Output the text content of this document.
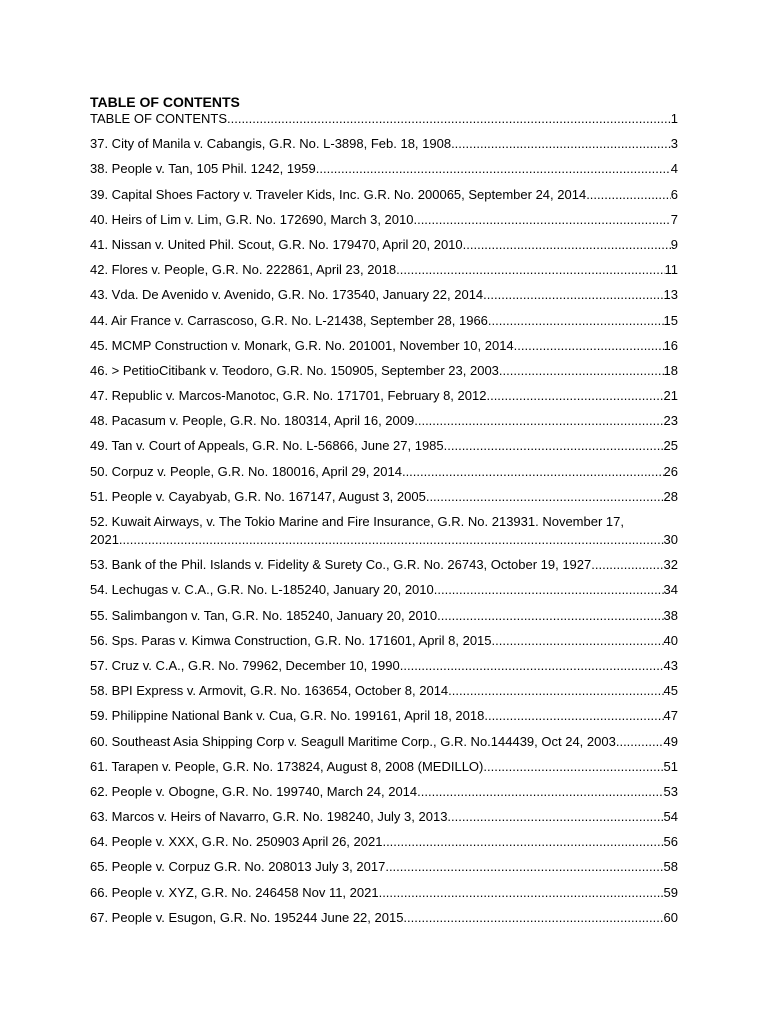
TABLE OF CONTENTS
TABLE OF CONTENTS .....	1
37. City of Manila v. Cabangis, G.R. No. L-3898, Feb. 18, 1908 .....	3
38. People v. Tan, 105 Phil. 1242, 1959 .....	4
39. Capital Shoes Factory v. Traveler Kids, Inc. G.R. No. 200065, September 24, 2014 .....	6
40. Heirs of Lim v. Lim, G.R. No. 172690, March 3, 2010 .....	7
41. Nissan v. United Phil. Scout, G.R. No. 179470, April 20, 2010 .....	9
42. Flores v. People, G.R. No. 222861, April 23, 2018 .....	11
43. Vda. De Avenido v. Avenido, G.R. No. 173540, January 22, 2014 .....	13
44. Air France v. Carrascoso, G.R. No. L-21438, September 28, 1966 .....	15
45. MCMP Construction v. Monark, G.R. No. 201001, November 10, 2014 .....	16
46. > PetitioCitibank v. Teodoro, G.R. No. 150905, September 23, 2003 .....	18
47. Republic v. Marcos-Manotoc, G.R. No. 171701, February 8, 2012 .....	21
48. Pacasum v. People, G.R. No. 180314, April 16, 2009 .....	23
49. Tan v. Court of Appeals, G.R. No. L-56866, June 27, 1985 .....	25
50. Corpuz v. People, G.R. No. 180016, April 29, 2014 .....	26
51. People v. Cayabyab, G.R. No. 167147, August 3, 2005 .....	28
52. Kuwait Airways, v. The Tokio Marine and Fire Insurance, G.R. No. 213931. November 17,
2021 .....	30
53. Bank of the Phil. Islands v. Fidelity & Surety Co., G.R. No. 26743, October 19, 1927 .....	32
54. Lechugas v. C.A., G.R. No. L-185240, January 20, 2010 .....	34
55. Salimbangon v. Tan, G.R. No. 185240, January 20, 2010 .....	38
56. Sps. Paras v. Kimwa Construction, G.R. No. 171601, April 8, 2015 .....	40
57. Cruz v. C.A., G.R. No. 79962, December 10, 1990 .....	43
58. BPI Express v. Armovit, G.R. No. 163654, October 8, 2014 .....	45
59. Philippine National Bank v. Cua, G.R. No. 199161, April 18, 2018 .....	47
60. Southeast Asia Shipping Corp v. Seagull Maritime Corp., G.R. No.144439, Oct 24, 2003. .....	49
61. Tarapen v. People, G.R. No. 173824, August 8, 2008 (MEDILLO) .....	51
62. People v. Obogne, G.R. No. 199740, March 24, 2014 .....	53
63. Marcos v. Heirs of Navarro, G.R. No. 198240, July 3, 2013 .....	54
64. People v. XXX, G.R. No. 250903 April 26, 2021 .....	56
65. People v. Corpuz G.R. No. 208013 July 3, 2017 .....	58
66. People v. XYZ, G.R. No. 246458 Nov 11, 2021 .....	59
67. People v. Esugon, G.R. No. 195244 June 22, 2015 .....	60
